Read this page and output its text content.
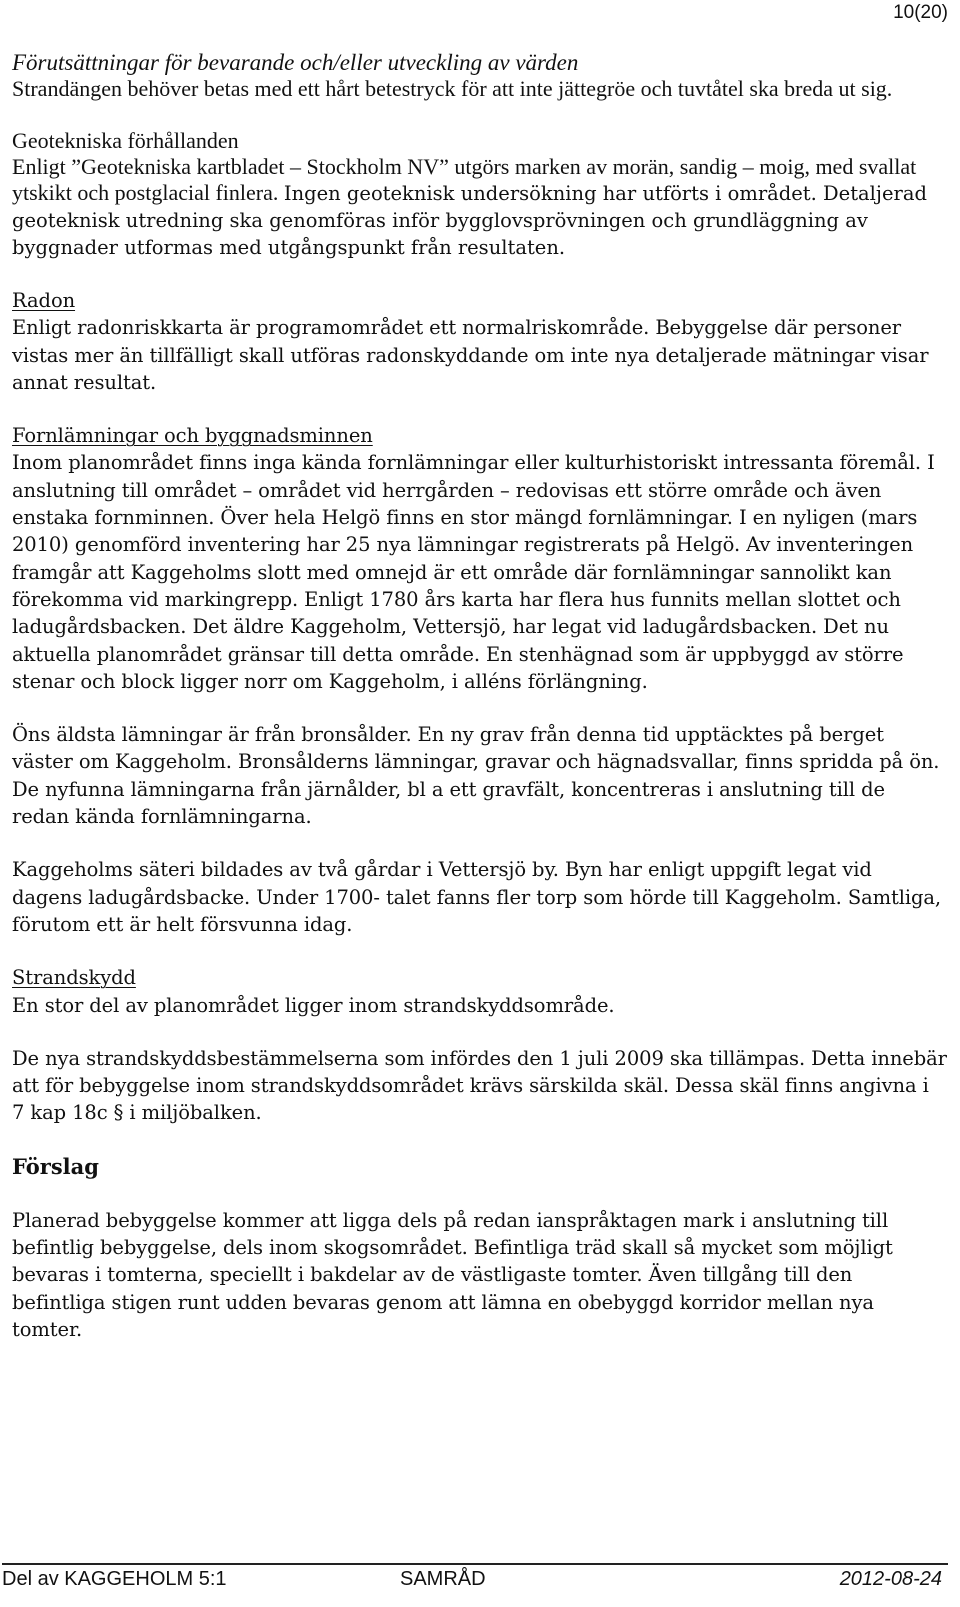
10(20)
Förutsättningar för bevarande och/eller utveckling av värden

Strandängen behöver betas med ett hårt betestryck för att inte jättegröe och tuvtåtel ska breda ut sig.

Geotekniska förhållanden

Enligt ”Geotekniska kartbladet – Stockholm NV” utgörs marken av morän, sandig – moig, med svallat ytskikt och postglacial finlera. Ingen geoteknisk undersökning har utförts i området. Detaljerad geoteknisk utredning ska genomföras inför bygglovsprövningen och grundläggning av byggnader utformas med utgångspunkt från resultaten.

Radon

Enligt radonriskkarta är programområdet ett normalriskområde. Bebyggelse där personer vistas mer än tillfälligt skall utföras radonskyddande om inte nya detaljerade mätningar visar annat resultat.

Fornlämningar och byggnadsminnen

Inom planområdet finns inga kända fornlämningar eller kulturhistoriskt intressanta föremål. I anslutning till området – området vid herrgården – redovisas ett större område och även enstaka fornminnen. Över hela Helgö finns en stor mängd fornlämningar. I en nyligen (mars 2010) genomförd inventering har 25 nya lämningar registrerats på Helgö. Av inventeringen framgår att Kaggeholms slott med omnejd är ett område där fornlämningar sannolikt kan förekomma vid markingrepp. Enligt 1780 års karta har flera hus funnits mellan slottet och ladugårdsbacken. Det äldre Kaggeholm, Vettersjö, har legat vid ladugårdsbacken. Det nu aktuella planområdet gränsar till detta område. En stenhägnad som är uppbyggd av större stenar och block ligger norr om Kaggeholm, i alléns förlängning.

Öns äldsta lämningar är från bronsålder. En ny grav från denna tid upptäcktes på berget väster om Kaggeholm. Bronsålderns lämningar, gravar och hägnadsvallar, finns spridda på ön. De nyfunna lämningarna från järnålder, bl a ett gravfält, koncentreras i anslutning till de redan kända fornlämningarna.

Kaggeholms säteri bildades av två gårdar i Vettersjö by. Byn har enligt uppgift legat vid dagens ladugårdsbacke. Under 1700- talet fanns fler torp som hörde till Kaggeholm. Samtliga, förutom ett är helt försvunna idag.

Strandskydd

En stor del av planområdet ligger inom strandskyddsområde.

De nya strandskyddsbestämmelserna som infördes den 1 juli 2009 ska tillämpas. Detta innebär att för bebyggelse inom strandskyddsområdet krävs särskilda skäl. Dessa skäl finns angivna i 7 kap 18c § i miljöbalken.

Förslag

Planerad bebyggelse kommer att ligga dels på redan ianspråktagen mark i anslutning till befintlig bebyggelse, dels inom skogsområdet. Befintliga träd skall så mycket som möjligt bevaras i tomterna, speciellt i bakdelar av de västligaste tomter. Även tillgång till den befintliga stigen runt udden bevaras genom att lämna en obebyggd korridor mellan nya tomter.

Del av KAGGEHOLM 5:1	SAMRÅD	2012-08-24
